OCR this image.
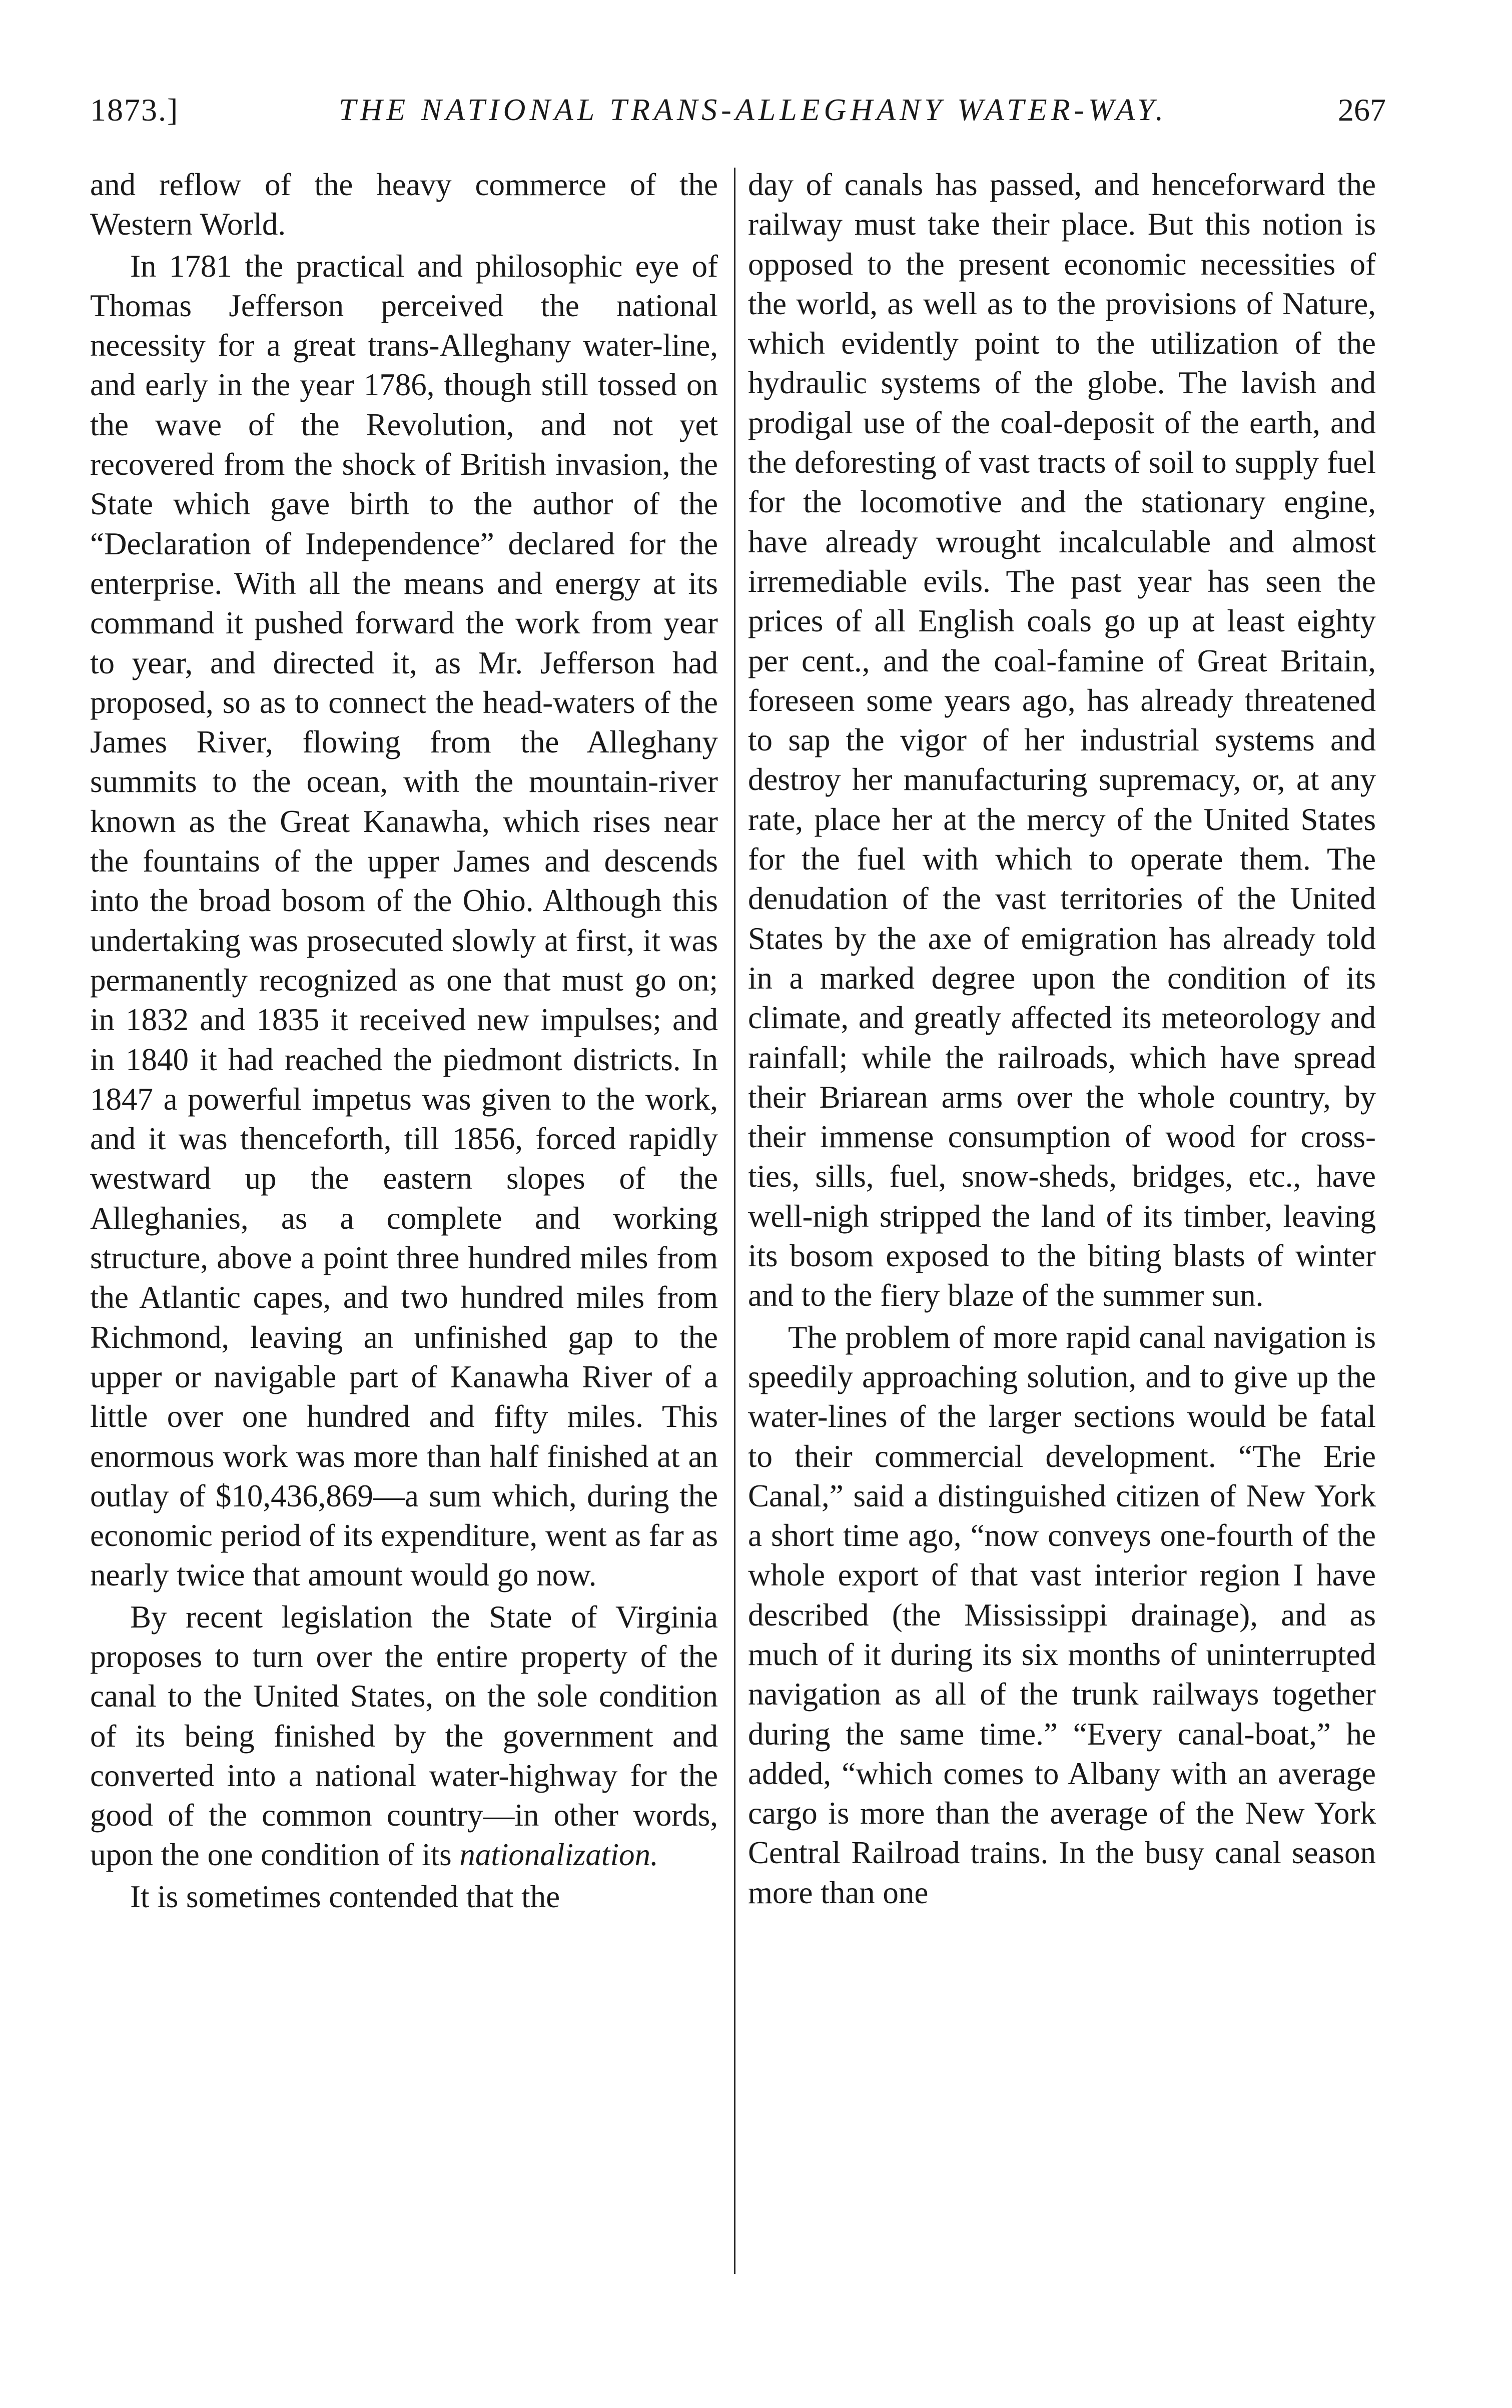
1873.]	THE NATIONAL TRANS-ALLEGHANY WATER-WAY.	267

and reflow of the heavy commerce of the Western World.

In 1781 the practical and philosophic eye of Thomas Jefferson perceived the national necessity for a great trans-Alleghany water-line, and early in the year 1786, though still tossed on the wave of the Revolution, and not yet recovered from the shock of British invasion, the State which gave birth to the author of the “Declaration of Independence” declared for the enterprise. With all the means and energy at its command it pushed forward the work from year to year, and directed it, as Mr. Jefferson had proposed, so as to connect the head-waters of the James River, flowing from the Alleghany summits to the ocean, with the mountain-river known as the Great Kanawha, which rises near the fountains of the upper James and descends into the broad bosom of the Ohio. Although this undertaking was prosecuted slowly at first, it was permanently recognized as one that must go on; in 1832 and 1835 it received new impulses; and in 1840 it had reached the piedmont districts. In 1847 a powerful impetus was given to the work, and it was thenceforth, till 1856, forced rapidly westward up the eastern slopes of the Alleghanies, as a complete and working structure, above a point three hundred miles from the Atlantic capes, and two hundred miles from Richmond, leaving an unfinished gap to the upper or navigable part of Kanawha River of a little over one hundred and fifty miles. This enormous work was more than half finished at an outlay of $10,436,869—a sum which, during the economic period of its expenditure, went as far as nearly twice that amount would go now.

By recent legislation the State of Virginia proposes to turn over the entire property of the canal to the United States, on the sole condition of its being finished by the government and converted into a national water-highway for the good of the common country—in other words, upon the one condition of its nationalization.

It is sometimes contended that the

day of canals has passed, and henceforward the railway must take their place. But this notion is opposed to the present economic necessities of the world, as well as to the provisions of Nature, which evidently point to the utilization of the hydraulic systems of the globe. The lavish and prodigal use of the coal-deposit of the earth, and the deforesting of vast tracts of soil to supply fuel for the locomotive and the stationary engine, have already wrought incalculable and almost irremediable evils. The past year has seen the prices of all English coals go up at least eighty per cent., and the coal-famine of Great Britain, foreseen some years ago, has already threatened to sap the vigor of her industrial systems and destroy her manufacturing supremacy, or, at any rate, place her at the mercy of the United States for the fuel with which to operate them. The denudation of the vast territories of the United States by the axe of emigration has already told in a marked degree upon the condition of its climate, and greatly affected its meteorology and rainfall; while the railroads, which have spread their Briarean arms over the whole country, by their immense consumption of wood for cross-ties, sills, fuel, snow-sheds, bridges, etc., have well-nigh stripped the land of its timber, leaving its bosom exposed to the biting blasts of winter and to the fiery blaze of the summer sun.

The problem of more rapid canal navigation is speedily approaching solution, and to give up the water-lines of the larger sections would be fatal to their commercial development. “The Erie Canal,” said a distinguished citizen of New York a short time ago, “now conveys one-fourth of the whole export of that vast interior region I have described (the Mississippi drainage), and as much of it during its six months of uninterrupted navigation as all of the trunk railways together during the same time.” “Every canal-boat,” he added, “which comes to Albany with an average cargo is more than the average of the New York Central Railroad trains. In the busy canal season more than one
